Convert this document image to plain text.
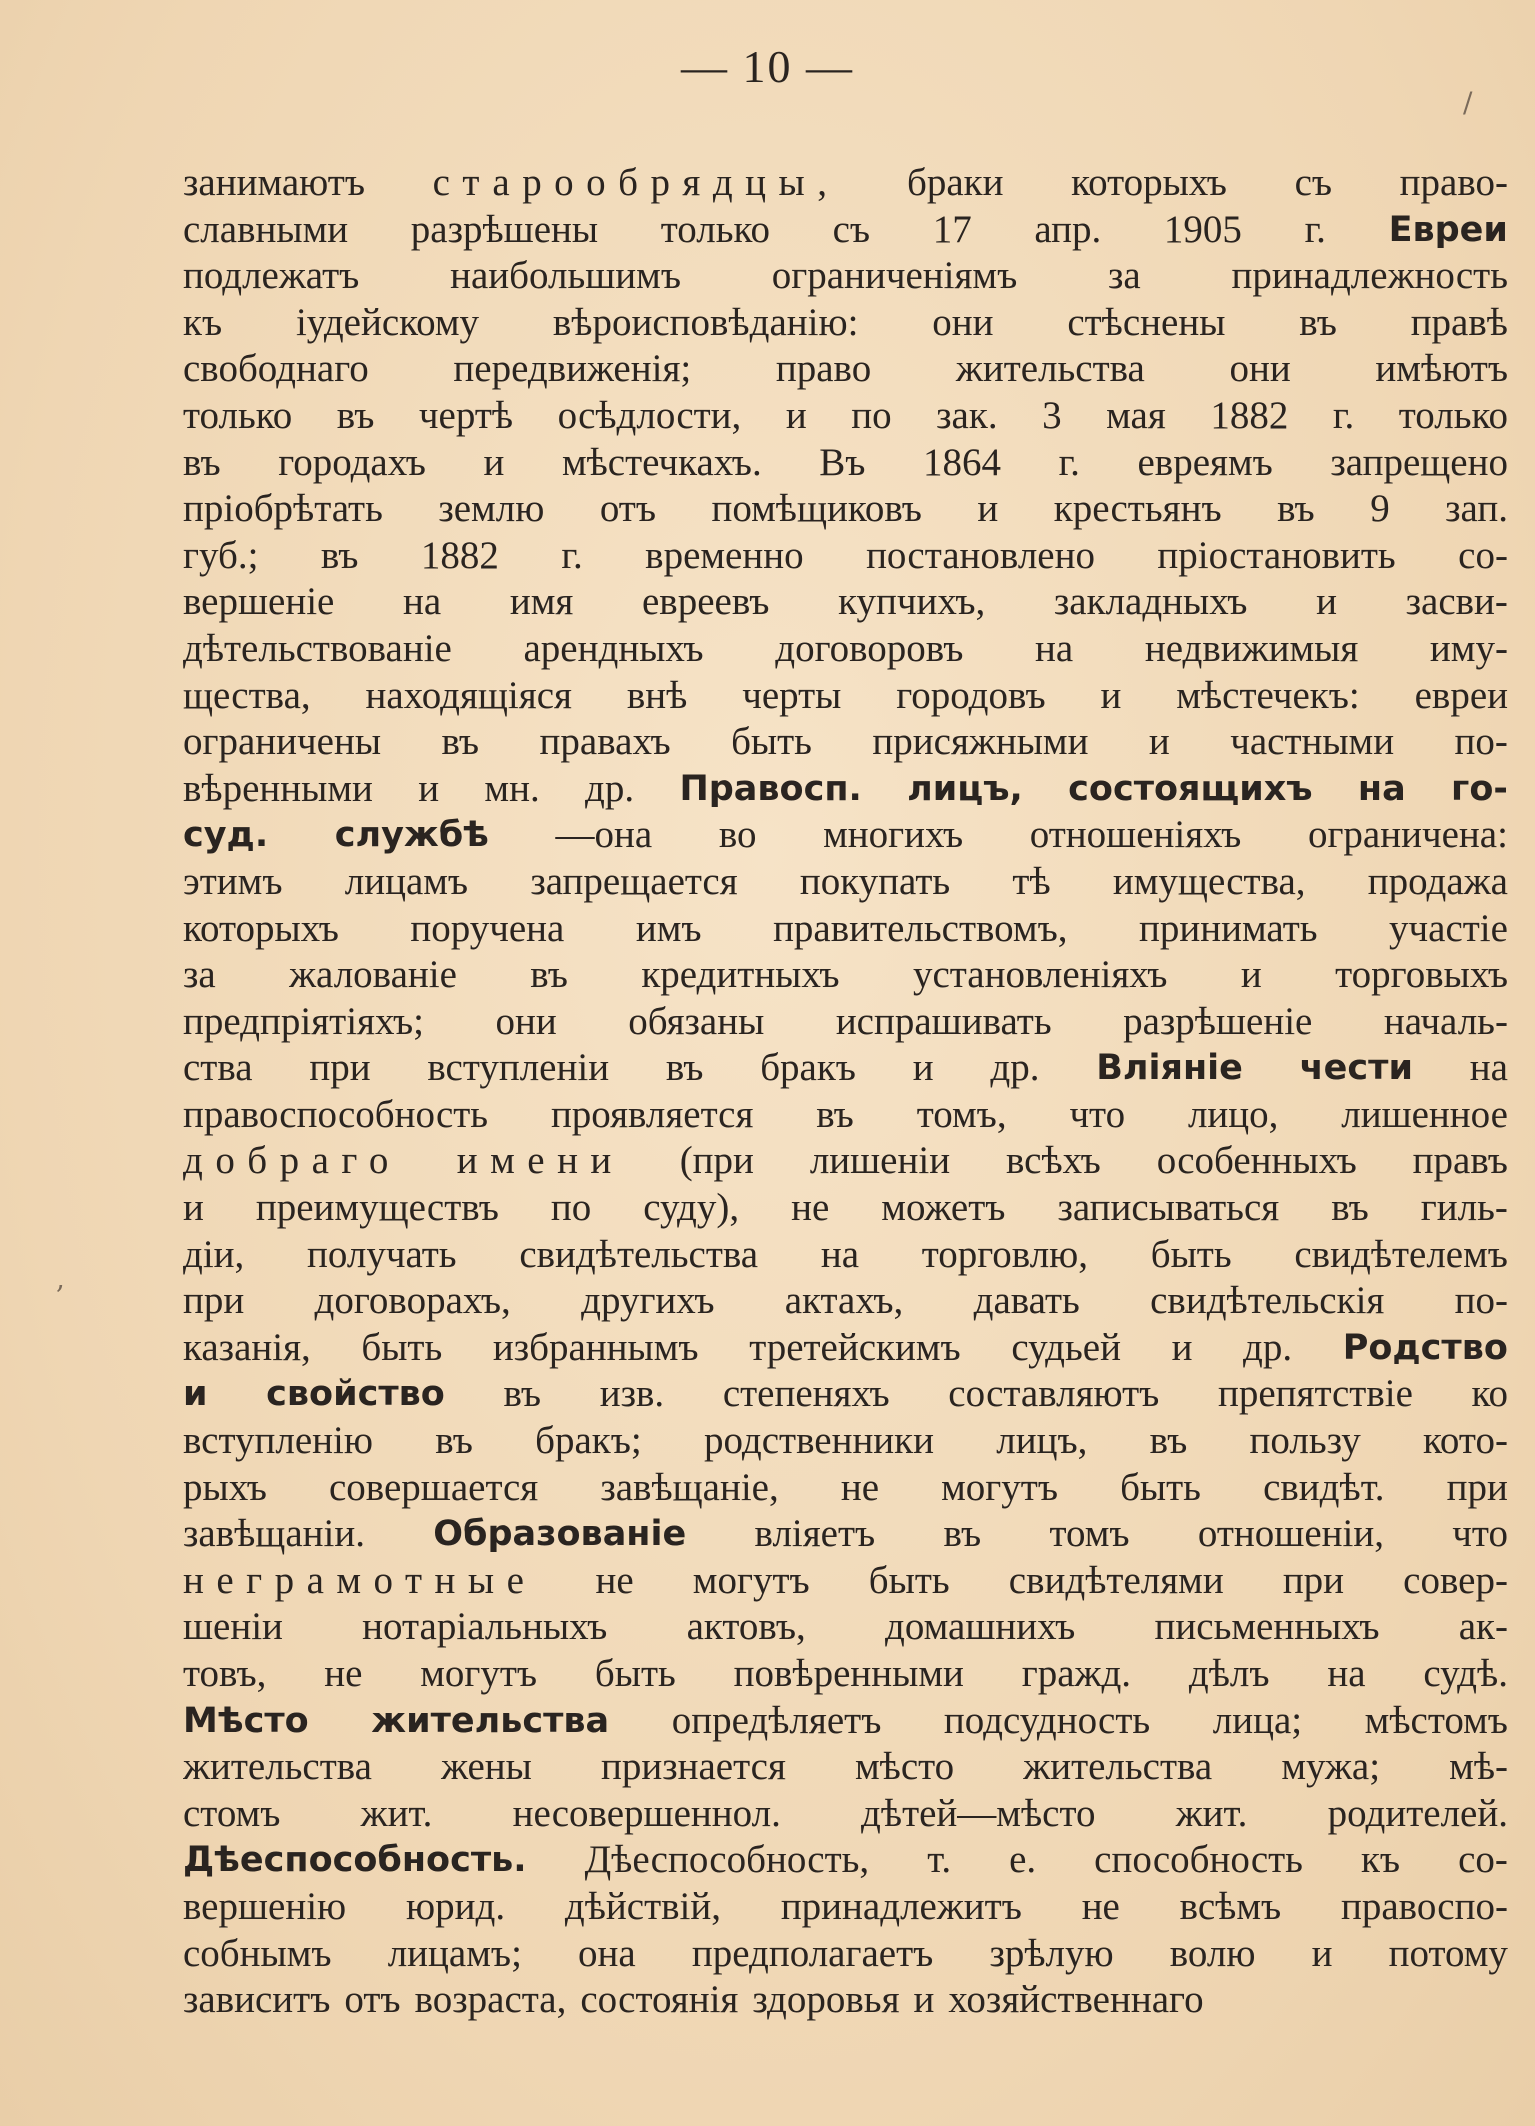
— 10 —
/
,
занимаютъ старообрядцы, браки которыхъ съ право-
славными разрѣшены только съ 17 апр. 1905 г. Евреи
подлежатъ наибольшимъ ограниченіямъ за принадлежность
къ іудейскому вѣроисповѣданію: они стѣснены въ правѣ
свободнаго передвиженія; право жительства они имѣютъ
только въ чертѣ осѣдлости, и по зак. 3 мая 1882 г. только
въ городахъ и мѣстечкахъ. Въ 1864 г. евреямъ запрещено
пріобрѣтать землю отъ помѣщиковъ и крестьянъ въ 9 зап.
губ.; въ 1882 г. временно постановлено пріостановить со-
вершеніе на имя евреевъ купчихъ, закладныхъ и засви-
дѣтельствованіе арендныхъ договоровъ на недвижимыя иму-
щества, находящіяся внѣ черты городовъ и мѣстечекъ: евреи
ограничены въ правахъ быть присяжными и частными по-
вѣренными и мн. др. Правосп. лицъ, состоящихъ на го-
суд. службѣ —она во многихъ отношеніяхъ ограничена:
этимъ лицамъ запрещается покупать тѣ имущества, продажа
которыхъ поручена имъ правительствомъ, принимать участіе
за жалованіе въ кредитныхъ установленіяхъ и торговыхъ
предпріятіяхъ; они обязаны испрашивать разрѣшеніе началь-
ства при вступленіи въ бракъ и др. Вліяніе чести на
правоспособность проявляется въ томъ, что лицо, лишенное
добраго имени (при лишеніи всѣхъ особенныхъ правъ
и преимуществъ по суду), не можетъ записываться въ гиль-
діи, получать свидѣтельства на торговлю, быть свидѣтелемъ
при договорахъ, другихъ актахъ, давать свидѣтельскія по-
казанія, быть избраннымъ третейскимъ судьей и др. Родство
и свойство въ изв. степеняхъ составляютъ препятствіе ко
вступленію въ бракъ; родственники лицъ, въ пользу кото-
рыхъ совершается завѣщаніе, не могутъ быть свидѣт. при
завѣщаніи. Образованіе вліяетъ въ томъ отношеніи, что
неграмотные не могутъ быть свидѣтелями при совер-
шеніи нотаріальныхъ актовъ, домашнихъ письменныхъ ак-
товъ, не могутъ быть повѣренными гражд. дѣлъ на судѣ.
Мѣсто жительства опредѣляетъ подсудность лица; мѣстомъ
жительства жены признается мѣсто жительства мужа; мѣ-
стомъ жит. несовершеннол. дѣтей—мѣсто жит. родителей.
Дѣеспособность. Дѣеспособность, т. е. способность къ со-
вершенію юрид. дѣйствій, принадлежитъ не всѣмъ правоспо-
собнымъ лицамъ; она предполагаетъ зрѣлую волю и потому
зависитъ отъ возраста, состоянія здоровья и хозяйственнаго
